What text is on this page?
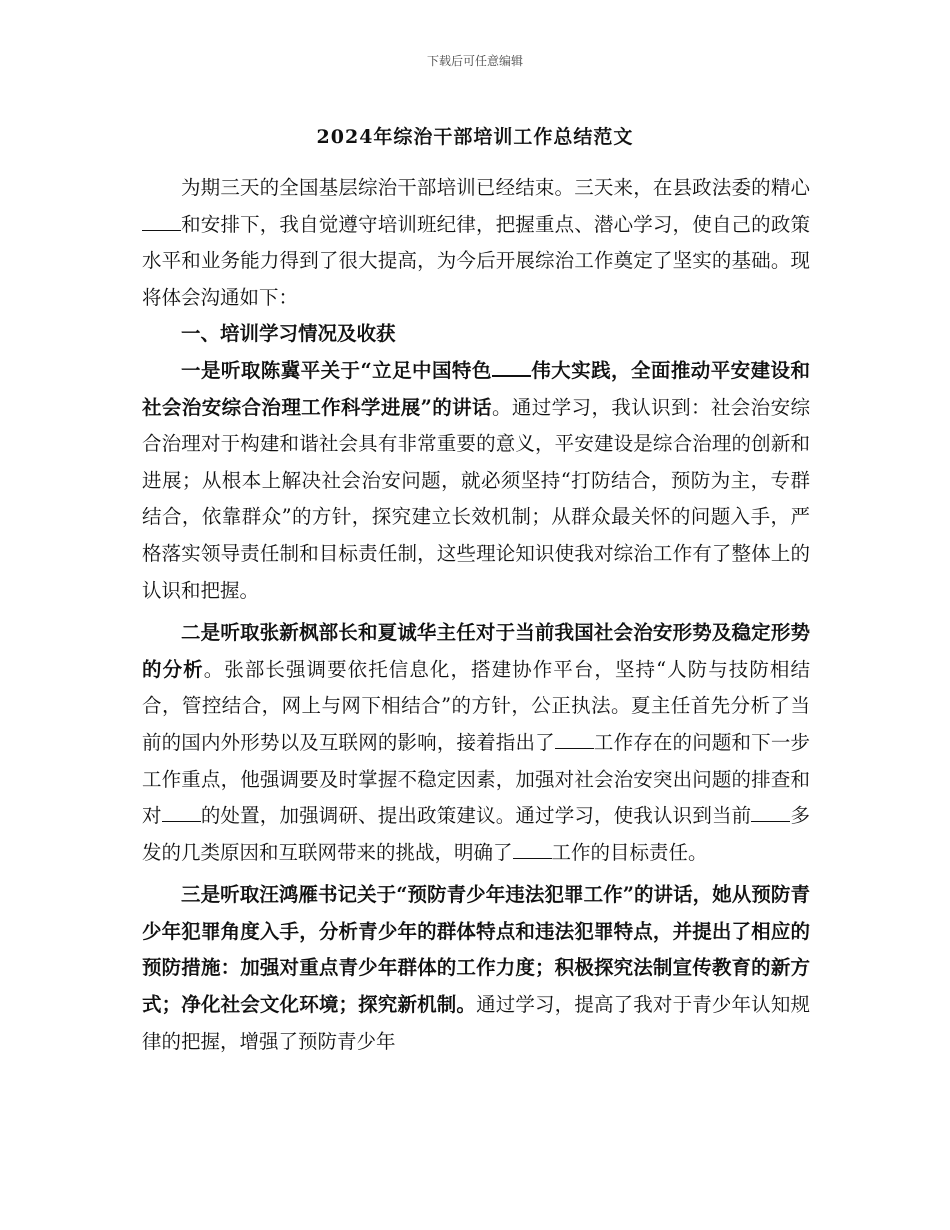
下载后可任意编辑
2024年综治干部培训工作总结范文

为期三天的全国基层综治干部培训已经结束。三天来，在县政法委的精心和安排下，我自觉遵守培训班纪律，把握重点、潜心学习，使自己的政策水平和业务能力得到了很大提高，为今后开展综治工作奠定了坚实的基础。现将体会沟通如下：

一、培训学习情况及收获

一是听取陈冀平关于“立足中国特色 伟大实践，全面推动平安建设和社会治安综合治理工作科学进展”的讲话。通过学习，我认识到：社会治安综合治理对于构建和谐社会具有非常重要的意义，平安建设是综合治理的创新和进展；从根本上解决社会治安问题，就必须坚持“打防结合，预防为主，专群结合，依靠群众”的方针，探究建立长效机制；从群众最关怀的问题入手，严格落实领导责任制和目标责任制，这些理论知识使我对综治工作有了整体上的认识和把握。

二是听取张新枫部长和夏诚华主任对于当前我国社会治安形势及稳定形势的分析。张部长强调要依托信息化，搭建协作平台，坚持“人防与技防相结合，管控结合，网上与网下相结合”的方针，公正执法。夏主任首先分析了当前的国内外形势以及互联网的影响，接着指出了 工作存在的问题和下一步工作重点，他强调要及时掌握不稳定因素，加强对社会治安突出问题的排查和对 的处置，加强调研、提出政策建议。通过学习，使我认识到当前 多发的几类原因和互联网带来的挑战，明确了 工作的目标责任。

三是听取汪鸿雁书记关于“预防青少年违法犯罪工作”的讲话，她从预防青少年犯罪角度入手，分析青少年的群体特点和违法犯罪特点，并提出了相应的预防措施：加强对重点青少年群体的工作力度；积极探究法制宣传教育的新方式；净化社会文化环境；探究新机制。通过学习，提高了我对于青少年认知规律的把握，增强了预防青少年
